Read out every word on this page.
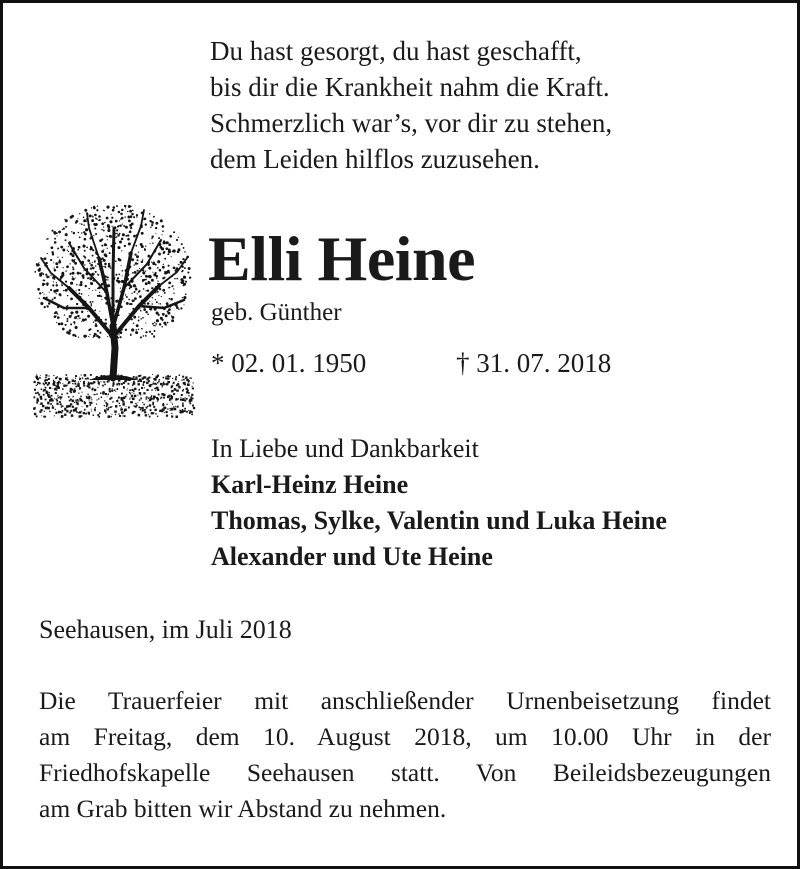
Du hast gesorgt, du hast geschafft,
bis dir die Krankheit nahm die Kraft.
Schmerzlich war’s, vor dir zu stehen,
dem Leiden hilflos zuzusehen.
Elli Heine
geb. Günther
* 02. 01. 1950	† 31. 07. 2018
In Liebe und Dankbarkeit
Karl-Heinz Heine
Thomas, Sylke, Valentin und Luka Heine
Alexander und Ute Heine
Seehausen, im Juli 2018
Die Trauerfeier mit anschließender Urnenbeisetzung findet
am Freitag, dem 10. August 2018, um 10.00 Uhr in der
Friedhofskapelle Seehausen statt. Von Beileidsbezeugungen
am Grab bitten wir Abstand zu nehmen.
